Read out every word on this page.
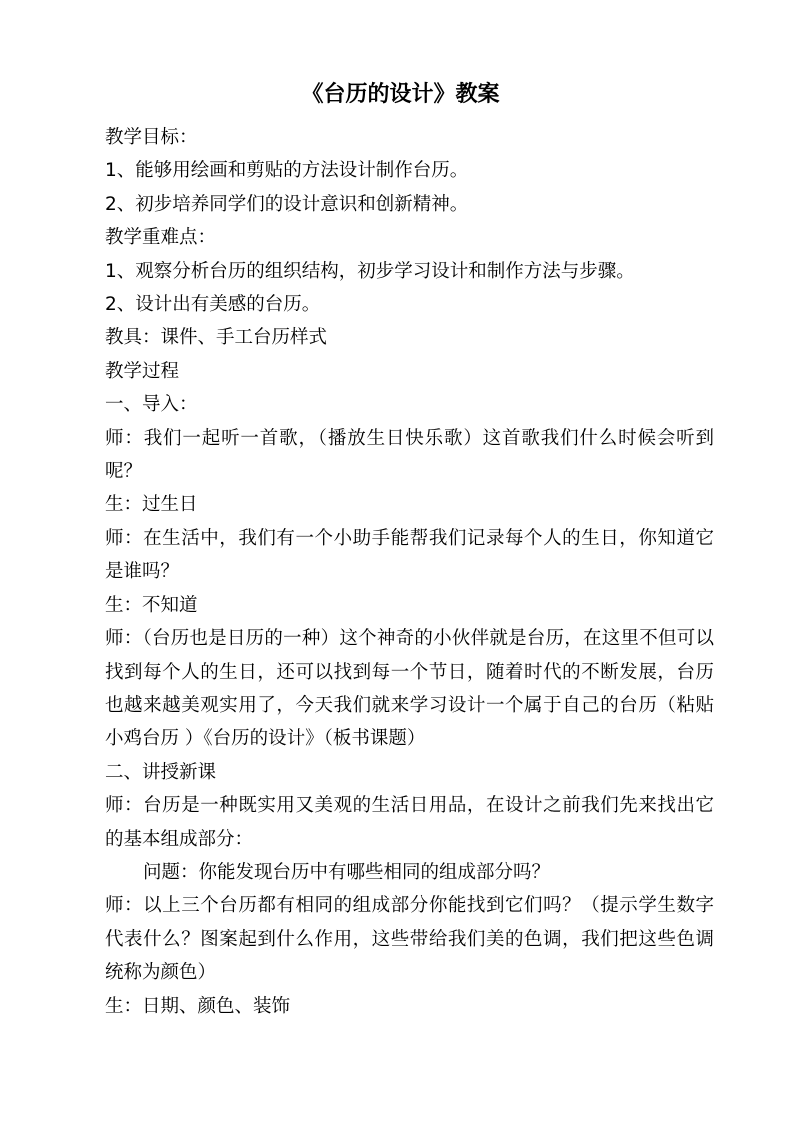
《台历的设计》教案
教学目标：
1、能够用绘画和剪贴的方法设计制作台历。
2、初步培养同学们的设计意识和创新精神。
教学重难点：
1、观察分析台历的组织结构，初步学习设计和制作方法与步骤。
2、设计出有美感的台历。
教具：课件、手工台历样式
教学过程
一、导入：
师：我们一起听一首歌，（播放生日快乐歌）这首歌我们什么时候会听到呢？
生：过生日
师：在生活中，我们有一个小助手能帮我们记录每个人的生日，你知道它是谁吗？
生：不知道
师：（台历也是日历的一种）这个神奇的小伙伴就是台历，在这里不但可以找到每个人的生日，还可以找到每一个节日，随着时代的不断发展，台历也越来越美观实用了，今天我们就来学习设计一个属于自己的台历（粘贴小鸡台历 ）《台历的设计》（板书课题）
二、讲授新课
师：台历是一种既实用又美观的生活日用品，在设计之前我们先来找出它的基本组成部分：
问题：你能发现台历中有哪些相同的组成部分吗？
师：以上三个台历都有相同的组成部分你能找到它们吗？（提示学生数字代表什么？图案起到什么作用，这些带给我们美的色调，我们把这些色调统称为颜色）
生：日期、颜色、装饰
